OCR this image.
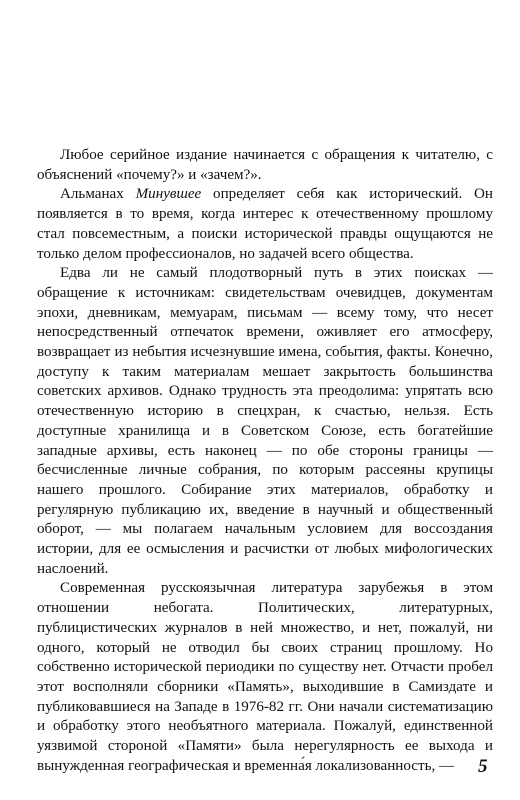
Любое серийное издание начинается с обращения к читателю, с объяснений «почему?» и «зачем?».

Альманах Минувшее определяет себя как исторический. Он появляется в то время, когда интерес к отечественному прошлому стал повсеместным, а поиски исторической правды ощущаются не только делом профессионалов, но задачей всего общества.

Едва ли не самый плодотворный путь в этих поисках — обращение к источникам: свидетельствам очевидцев, документам эпохи, дневникам, мемуарам, письмам — всему тому, что несет непосредственный отпечаток времени, оживляет его атмосферу, возвращает из небытия исчезнувшие имена, события, факты. Конечно, доступу к таким материалам мешает закрытость большинства советских архивов. Однако трудность эта преодолима: упрятать всю отечественную историю в спецхран, к счастью, нельзя. Есть доступные хранилища и в Советском Союзе, есть богатейшие западные архивы, есть наконец — по обе стороны границы — бесчисленные личные собрания, по которым рассеяны крупицы нашего прошлого. Собирание этих материалов, обработку и регулярную публикацию их, введение в научный и общественный оборот, — мы полагаем начальным условием для воссоздания истории, для ее осмысления и расчистки от любых мифологических наслоений.

Современная русскоязычная литература зарубежья в этом отношении небогата. Политических, литературных, публицистических журналов в ней множество, и нет, пожалуй, ни одного, который не отводил бы своих страниц прошлому. Но собственно исторической периодики по существу нет. Отчасти пробел этот восполняли сборники «Память», выходившие в Самиздате и публиковавшиеся на Западе в 1976-82 гг. Они начали систематизацию и обработку этого необъятного материала. Пожалуй, единственной уязвимой стороной «Памяти» была нерегулярность ее выхода и вынужденная географическая и временна́я локализованность, —	5
